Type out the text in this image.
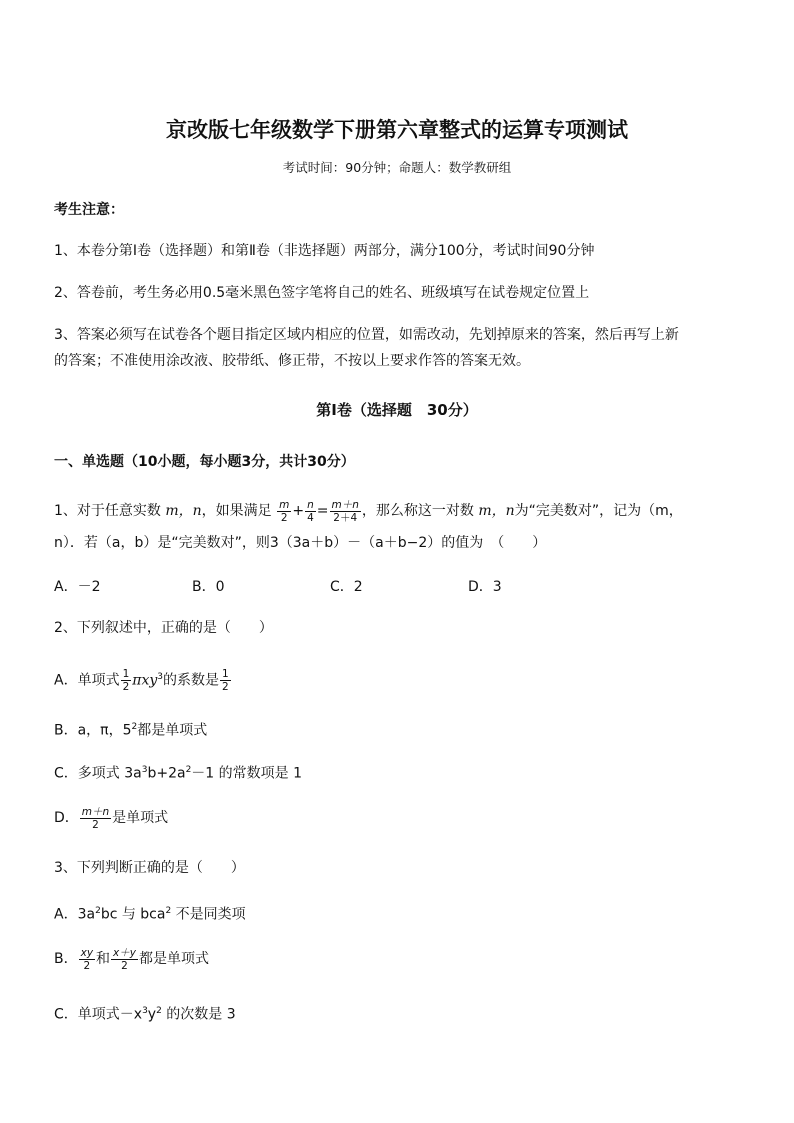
京改版七年级数学下册第六章整式的运算专项测试
考试时间：90分钟；命题人：数学教研组
考生注意：
1、本卷分第Ⅰ卷（选择题）和第Ⅱ卷（非选择题）两部分，满分100分，考试时间90分钟
2、答卷前，考生务必用0.5毫米黑色签字笔将自己的姓名、班级填写在试卷规定位置上
3、答案必须写在试卷各个题目指定区域内相应的位置，如需改动，先划掉原来的答案，然后再写上新
的答案；不准使用涂改液、胶带纸、修正带，不按以上要求作答的答案无效。
第Ⅰ卷（选择题　30分）
一、单选题（10小题，每小题3分，共计30分）
1、对于任意实数 m，n，如果满足 $\frac{m}{2} + \frac{n}{4} = \frac{m+n}{2+4}$ ，那么称这一对数 m，n为“完美数对”，记为（m，
n）．若（a，b）是“完美数对”，则3（3a＋b）－（a＋b−2）的值为　（　　）
A．－2	B．0	C．2	D．3
2、下列叙述中，正确的是（　　）
A．单项式 $\frac{1}{2} \pi xy^3$的系数是 $\frac{1}{2}$
B．a，π，$5^2$都是单项式
C．多项式 $3a^3b+2a^2-1$ 的常数项是 1
D． $\frac{m+n}{2}$ 是单项式
3、下列判断正确的是（　　）
A．$3a^2bc$ 与 bca$^2$ 不是同类项
B． $\frac{xy}{2}$ 和 $\frac{x+y}{2}$ 都是单项式
C．单项式$-x^3y^2$ 的次数是 3
